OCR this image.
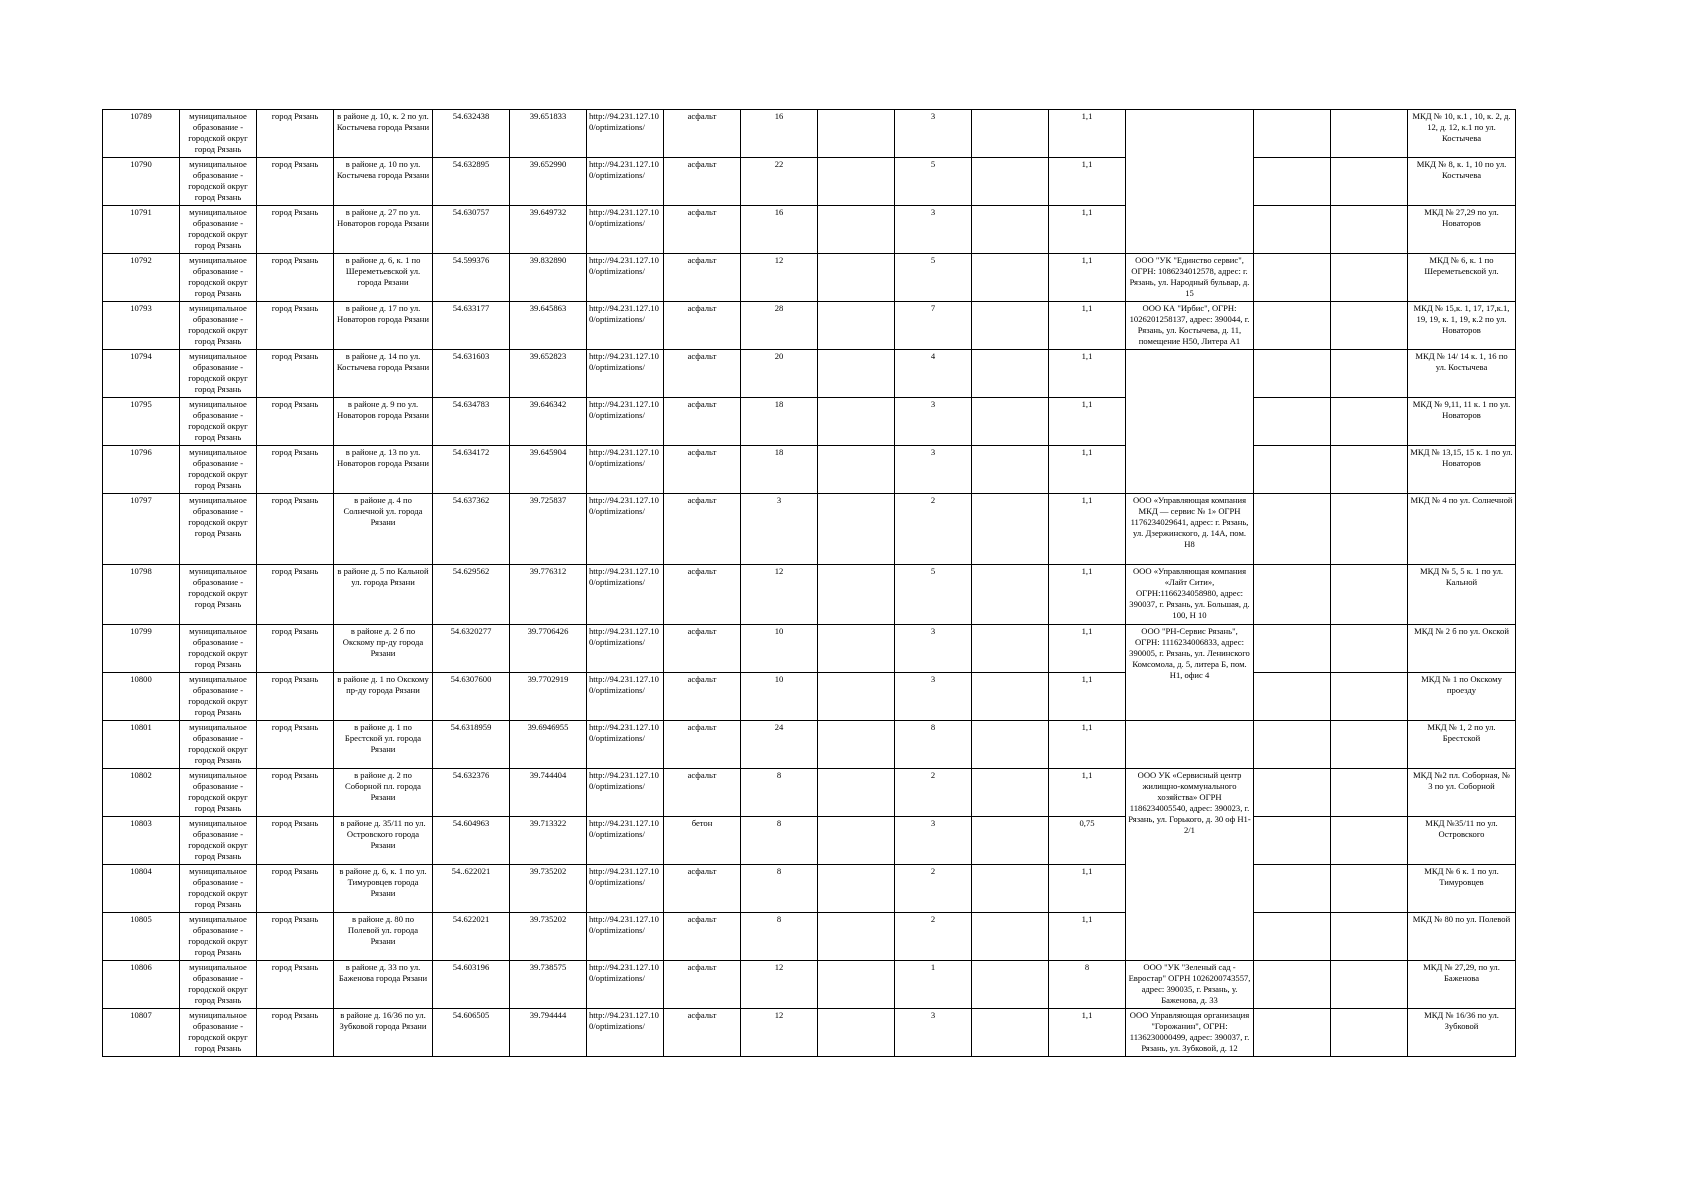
10789	муниципальное образование - городской округ город Рязань	город Рязань	в районе д. 10, к. 2 по ул. Костычева города Рязани	54.632438	39.651833	http://94.231.127.100/optimizations/	асфальт	16		3		1,1				МКД № 10, к.1 , 10, к. 2, д. 12, д. 12, к.1 по ул. Костычева
10790	муниципальное образование - городской округ город Рязань	город Рязань	в районе д. 10 по ул. Костычева города Рязани	54.632895	39.652990	http://94.231.127.100/optimizations/	асфальт	22		5		1,1				МКД № 8, к. 1, 10 по ул. Костычева
10791	муниципальное образование - городской округ город Рязань	город Рязань	в районе д. 27 по ул. Новаторов города Рязани	54.630757	39.649732	http://94.231.127.100/optimizations/	асфальт	16		3		1,1				МКД № 27,29 по ул. Новаторов
10792	муниципальное образование - городской округ город Рязань	город Рязань	в районе д. 6, к. 1 по Шереметьевской ул. города Рязани	54.599376	39.832890	http://94.231.127.100/optimizations/	асфальт	12		5		1,1	ООО "УК "Единство сервис", ОГРН: 1086234012578, адрес: г. Рязань, ул. Народный бульвар, д. 15			МКД № 6, к. 1 по Шереметьевской ул.
10793	муниципальное образование - городской округ город Рязань	город Рязань	в районе д. 17 по ул. Новаторов города Рязани	54.633177	39.645863	http://94.231.127.100/optimizations/	асфальт	28		7		1,1	ООО КА "Ирбис", ОГРН: 1026201258137, адрес: 390044, г. Рязань, ул. Костычева, д. 11, помещение Н50, Литера А1			МКД № 15,к. 1, 17, 17,к.1, 19, 19, к. 1, 19, к.2 по ул. Новаторов
10794	муниципальное образование - городской округ город Рязань	город Рязань	в районе д. 14 по ул. Костычева города Рязани	54.631603	39.652823	http://94.231.127.100/optimizations/	асфальт	20		4		1,1				МКД № 14/ 14 к. 1, 16 по ул. Костычева
10795	муниципальное образование - городской округ город Рязань	город Рязань	в районе д. 9 по ул. Новаторов города Рязани	54.634783	39.646342	http://94.231.127.100/optimizations/	асфальт	18		3		1,1				МКД № 9,11, 11 к. 1 по ул. Новаторов
10796	муниципальное образование - городской округ город Рязань	город Рязань	в районе д. 13 по ул. Новаторов города Рязани	54.634172	39.645904	http://94.231.127.100/optimizations/	асфальт	18		3		1,1				МКД № 13,15, 15 к. 1 по ул. Новаторов
10797	муниципальное образование - городской округ город Рязань	город Рязань	в районе д. 4 по Солнечной ул. города Рязани	54.637362	39.725837	http://94.231.127.100/optimizations/	асфальт	3		2		1,1	ООО «Управляющая компания МКД — сервис № 1» ОГРН 1176234029641, адрес: г. Рязань, ул. Дзержинского, д. 14А, пом. Н8			МКД № 4 по ул. Солнечной
10798	муниципальное образование - городской округ город Рязань	город Рязань	в районе д. 5 по Кальной ул. города Рязани	54.629562	39.776312	http://94.231.127.100/optimizations/	асфальт	12		5		1,1	ООО «Управляющая компания «Лайт Сити», ОГРН:1166234058980, адрес: 390037, г. Рязань, ул. Большая, д. 100, Н 10			МКД № 5, 5 к. 1 по ул. Кальной
10799	муниципальное образование - городской округ город Рязань	город Рязань	в районе д. 2 б по Окскому пр-ду города Рязани	54.6320277	39.7706426	http://94.231.127.100/optimizations/	асфальт	10		3		1,1	ООО "РН-Сервис Рязань", ОГРН: 1116234006833, адрес: 390005, г. Рязань, ул. Ленинского Комсомола, д. 5, литера Б, пом. Н1, офис 4			МКД № 2 б по ул. Окской
10800	муниципальное образование - городской округ город Рязань	город Рязань	в районе д. 1 по Окскому пр-ду города Рязани	54.6307600	39.7702919	http://94.231.127.100/optimizations/	асфальт	10		3		1,1				МКД № 1 по Окскому проезду
10801	муниципальное образование - городской округ город Рязань	город Рязань	в районе д. 1 по Брестской ул. города Рязани	54.6318959	39.6946955	http://94.231.127.100/optimizations/	асфальт	24		8		1,1				МКД № 1, 2 по ул. Брестской
10802	муниципальное образование - городской округ город Рязань	город Рязань	в районе д. 2 по Соборной пл. города Рязани	54.632376	39.744404	http://94.231.127.100/optimizations/	асфальт	8		2		1,1	ООО УК «Сервисный центр жилищно-коммунального хозяйства» ОГРН 1186234005540, адрес: 390023, г. Рязань, ул. Горького, д. 30 оф Н1-2/1			МКД №2 пл. Соборная, № 3 по ул. Соборной
10803	муниципальное образование - городской округ город Рязань	город Рязань	в районе д. 35/11 по ул. Островского города Рязани	54.604963	39.713322	http://94.231.127.100/optimizations/	бетон	8		3		0,75				МКД №35/11 по ул. Островского
10804	муниципальное образование - городской округ город Рязань	город Рязань	в районе д. 6, к. 1 по ул. Тимуровцев города Рязани	54..622021	39.735202	http://94.231.127.100/optimizations/	асфальт	8		2		1,1				МКД № 6 к. 1 по ул. Тимуровцев
10805	муниципальное образование - городской округ город Рязань	город Рязань	в районе д. 80 по Полевой ул. города Рязани	54.622021	39.735202	http://94.231.127.100/optimizations/	асфальт	8		2		1,1				МКД № 80 по ул. Полевой
10806	муниципальное образование - городской округ город Рязань	город Рязань	в районе д. 33 по ул. Баженова города Рязани	54.603196	39.738575	http://94.231.127.100/optimizations/	асфальт	12		1		8	ООО "УК "Зеленый сад - Евростар" ОГРН 1026200743557, адрес: 390035, г. Рязань, у. Баженова, д. 33			МКД № 27,29, по ул. Баженова
10807	муниципальное образование - городской округ город Рязань	город Рязань	в районе д. 16/36 по ул. Зубковой города Рязани	54.606505	39.794444	http://94.231.127.100/optimizations/	асфальт	12		3		1,1	ООО Управляющая организация "Горожанин", ОГРН: 1136230000499, адрес: 390037, г. Рязань, ул. Зубковой, д. 12			МКД № 16/36 по ул. Зубковой
